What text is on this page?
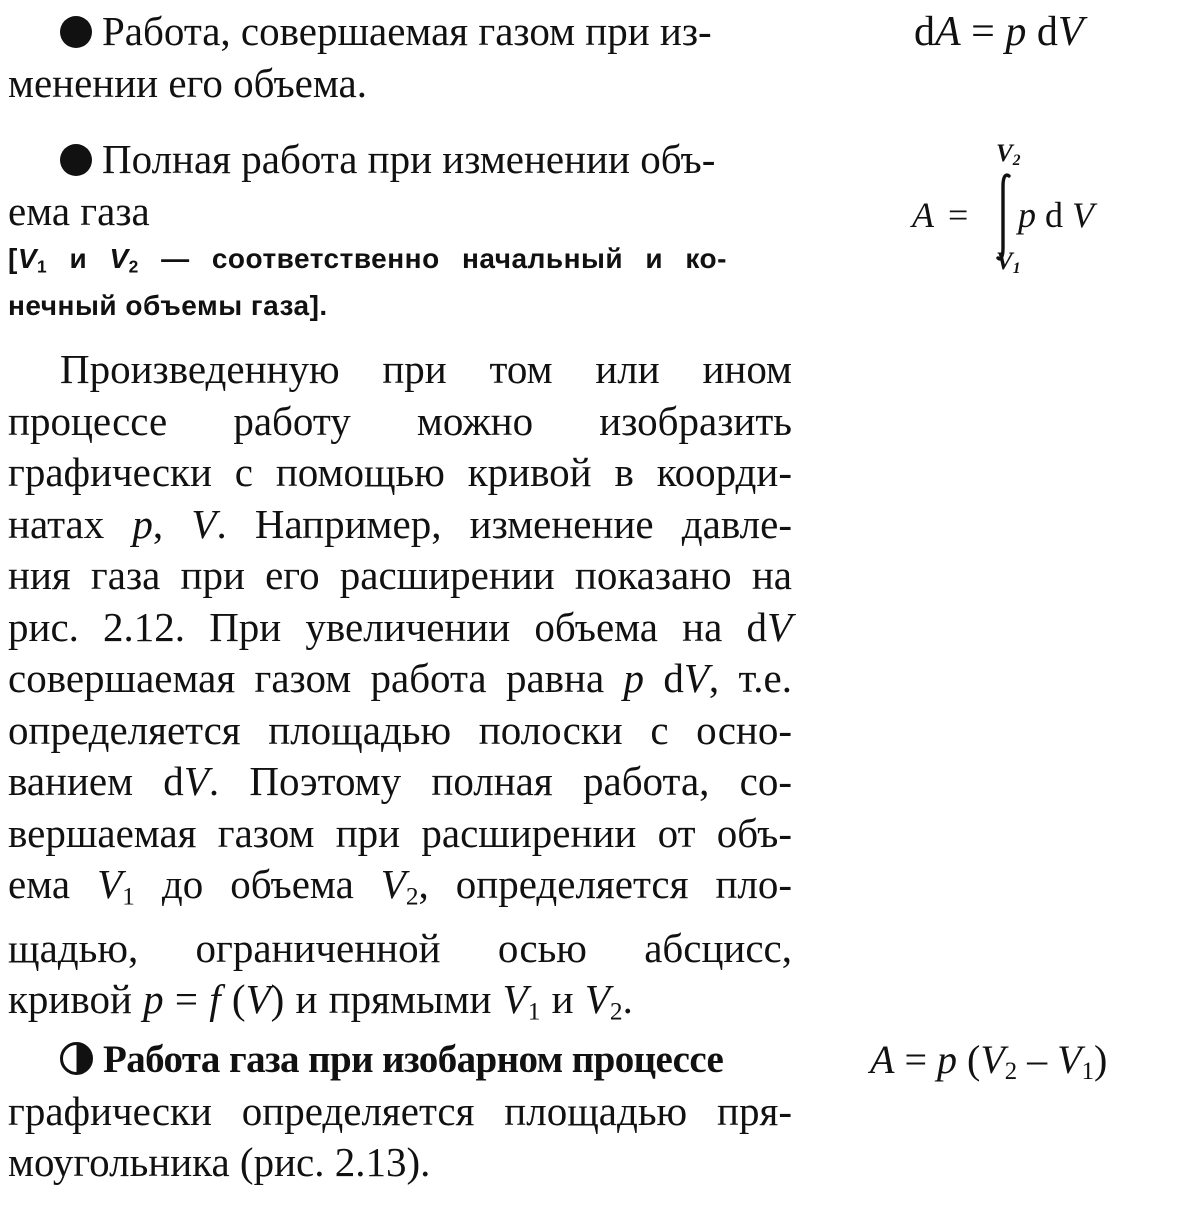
Работа, совершаемая газом при из-
менении его объема.
dA = p dV
Полная работа при изменении объ-
ема газа
[$V_1$ и $V_2$ — соответственно начальный и ко-
нечный объемы газа].
A =
$V_2$
p d V
$V_1$
Произведенную при том или ином
процессе работу можно изобразить
графически с помощью кривой в коорди-
натах p, V. Например, изменение давле-
ния газа при его расширении показано на
рис. 2.12. При увеличении объема на dV
совершаемая газом работа равна p dV, т.е.
определяется площадью полоски с осно-
ванием dV. Поэтому полная работа, со-
вершаемая газом при расширении от объ-
ема $V_1$ до объема $V_2$, определяется пло-
щадью, ограниченной осью абсцисс,
кривой p = f (V) и прямыми $V_1$ и $V_2$.
Работа газа при изобарном процессе
графически определяется площадью пря-
моугольника (рис. 2.13).
A = p $(V_2 - V_1)$
